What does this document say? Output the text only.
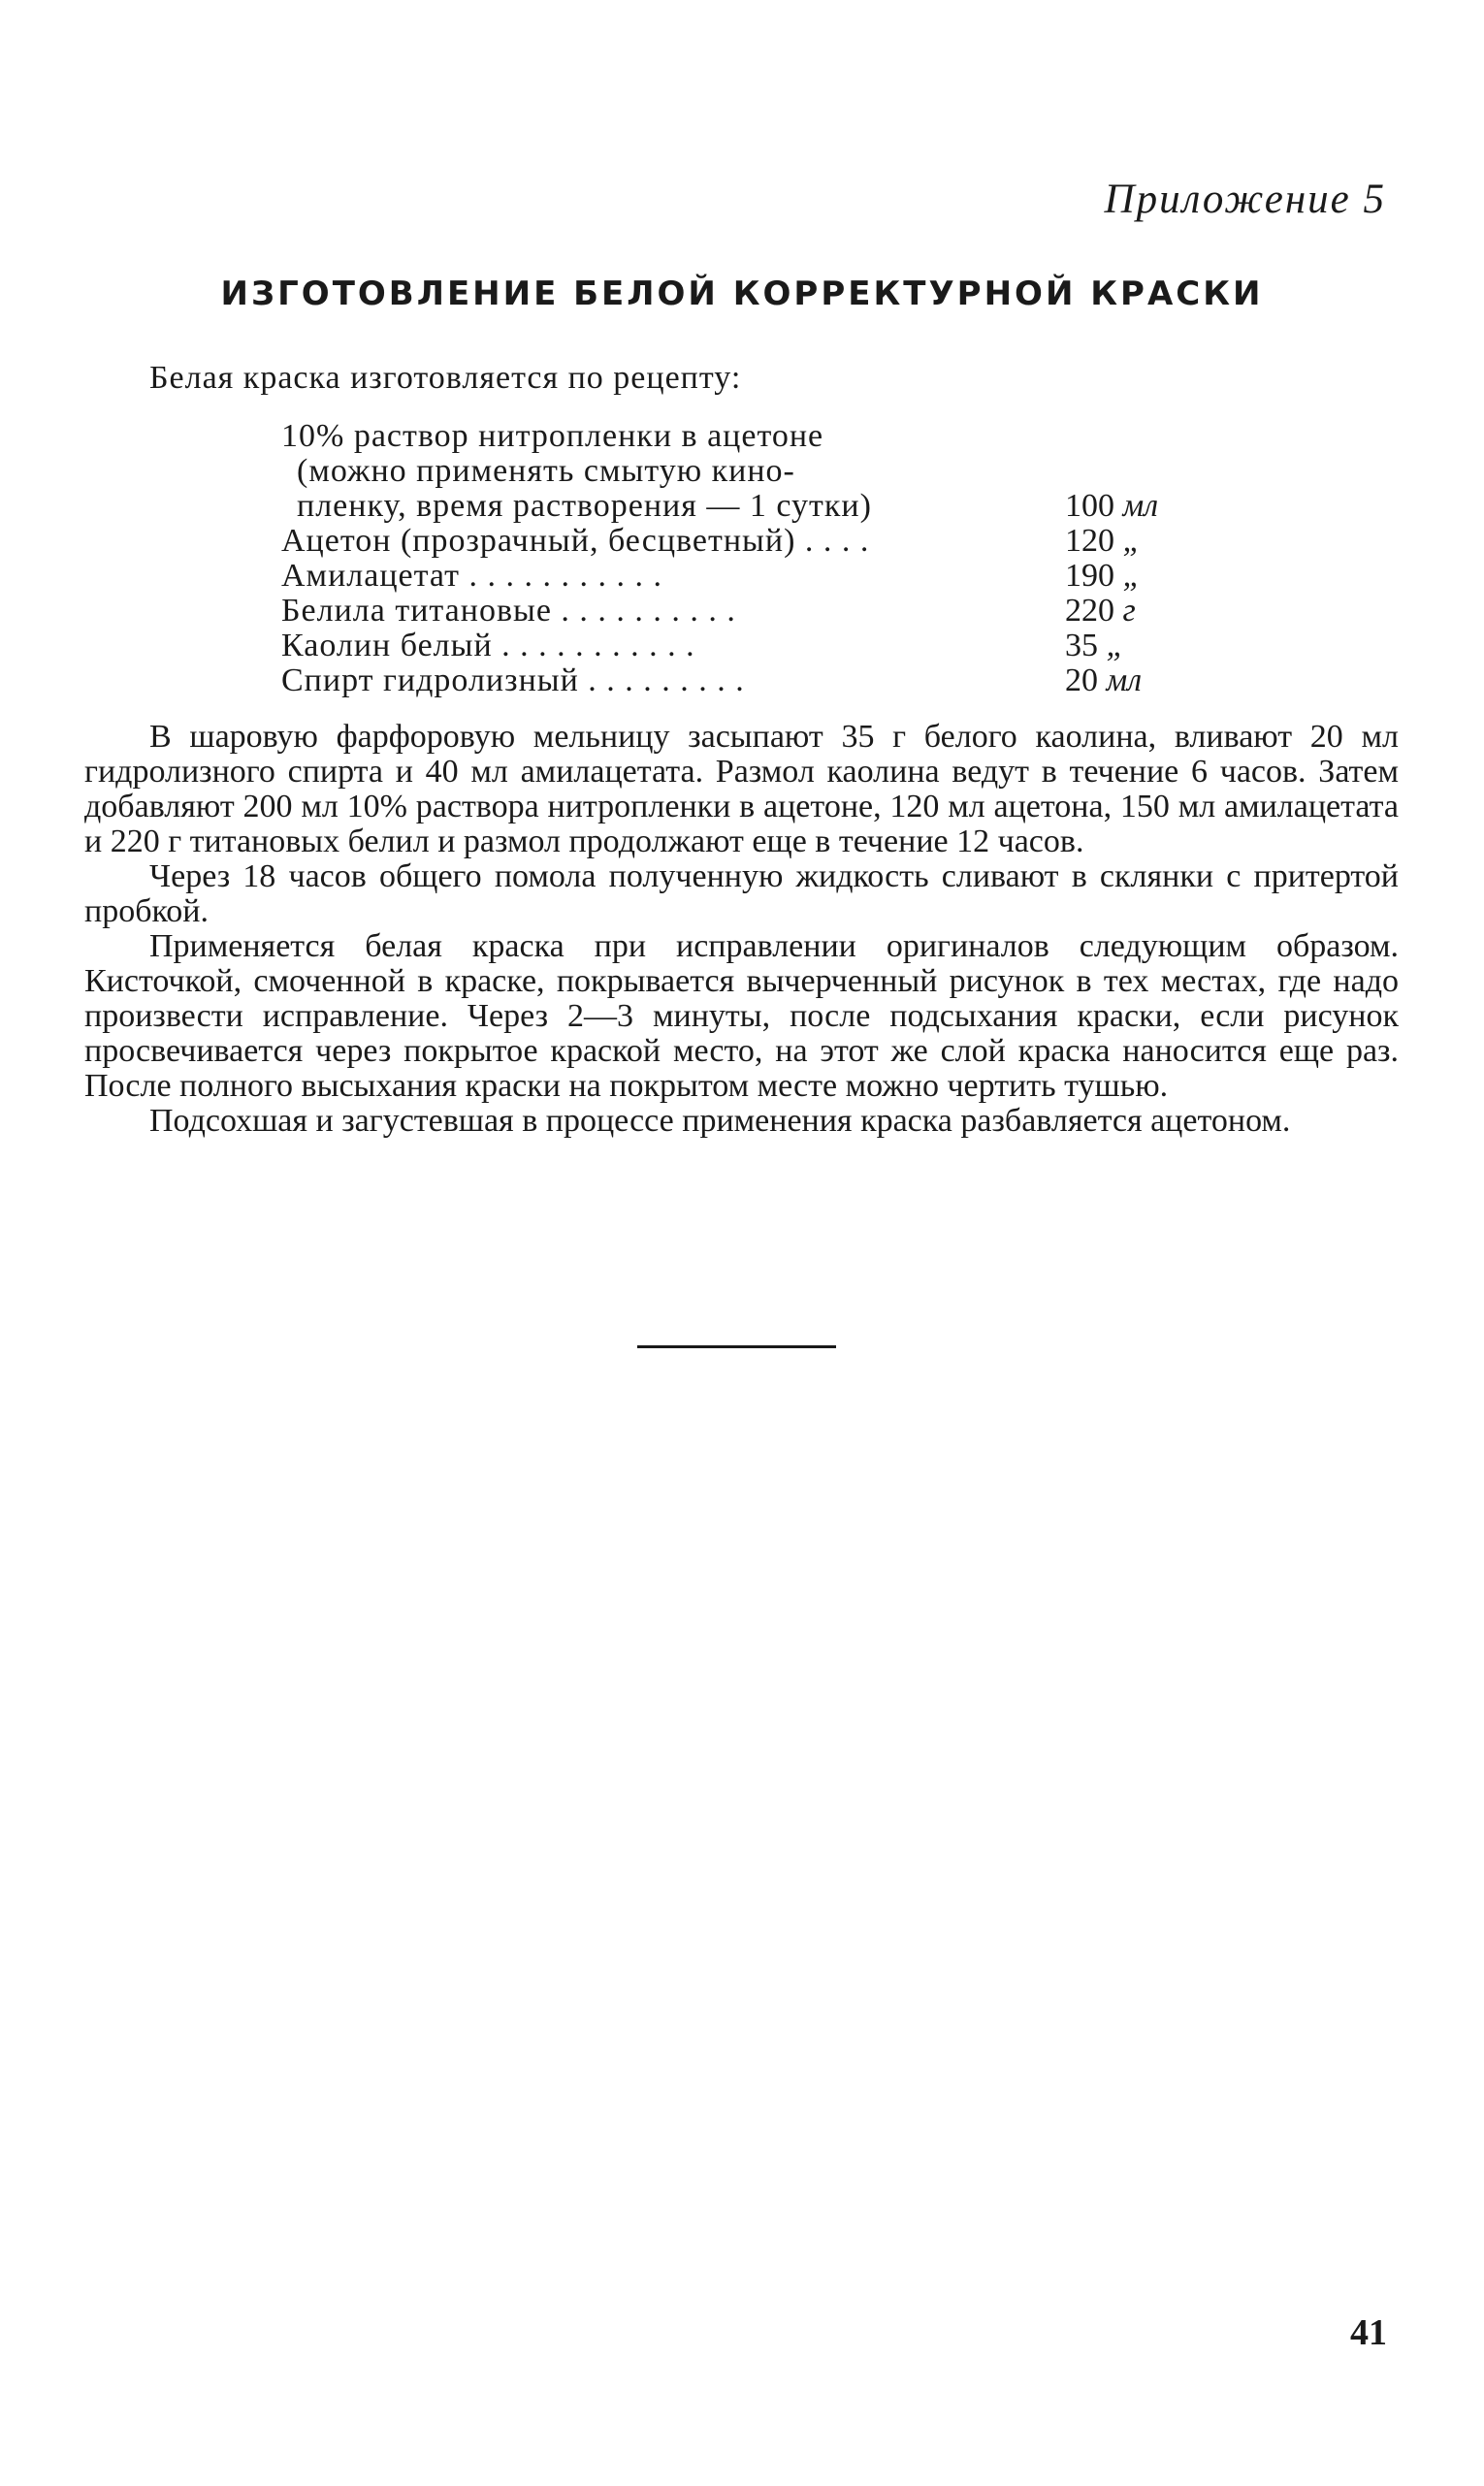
Приложение 5
ИЗГОТОВЛЕНИЕ БЕЛОЙ КОРРЕКТУРНОЙ КРАСКИ
Белая краска изготовляется по рецепту:
10% раствор нитропленки в ацетоне
(можно применять смытую кино-
пленку, время растворения — 1 сутки)	100 мл
Ацетон (прозрачный, бесцветный) . . . .	120 „
Амилацетат . . . . . . . . . . .	190 „
Белила титановые . . . . . . . . . .	220 г
Каолин белый . . . . . . . . . . .	35 „
Спирт гидролизный . . . . . . . . .	20 мл

В шаровую фарфоровую мельницу засыпают 35 г белого каолина, вливают 20 мл гидролизного спирта и 40 мл амилацетата. Размол каолина ведут в течение 6 часов. Затем добавляют 200 мл 10% раствора нитропленки в ацетоне, 120 мл ацетона, 150 мл амилацетата и 220 г титановых белил и размол продолжают еще в течение 12 часов.

Через 18 часов общего помола полученную жидкость сливают в склянки с притертой пробкой.

Применяется белая краска при исправлении оригиналов следующим образом. Кисточкой, смоченной в краске, покрывается вычерченный рисунок в тех местах, где надо произвести исправление. Через 2—3 минуты, после подсыхания краски, если рисунок просвечивается через покрытое краской место, на этот же слой краска наносится еще раз. После полного высыхания краски на покрытом месте можно чертить тушью.

Подсохшая и загустевшая в процессе применения краска разбавляется ацетоном.

41
